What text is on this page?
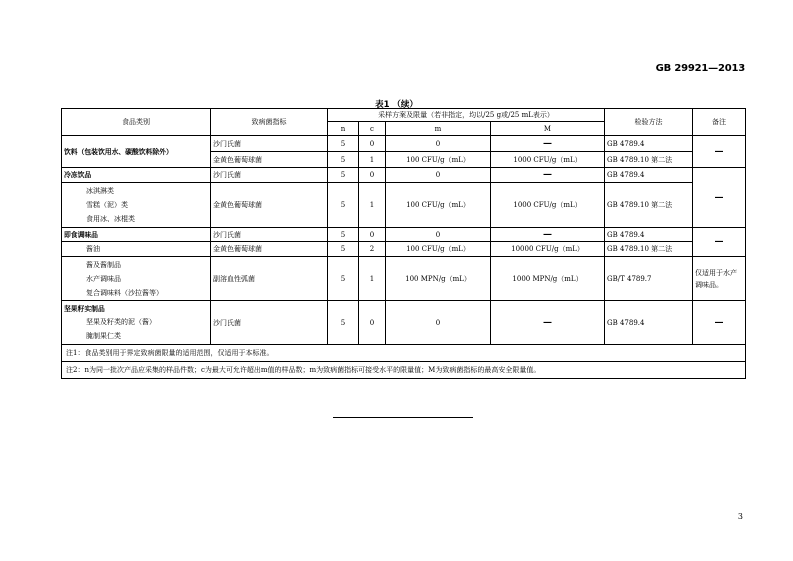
GB 29921—2013
表1 （续）
食品类别	致病菌指标	采样方案及限量（若非指定，均以/25 g或/25 mL表示）				检验方法	备注
		n	c	m	M		
饮料（包装饮用水、碳酸饮料除外）	沙门氏菌	5	0	0	—	GB 4789.4	—
	金黄色葡萄球菌	5	1	100 CFU/g（mL）	1000 CFU/g（mL）	GB 4789.10 第二法	
冷冻饮品	沙门氏菌	5	0	0	—	GB 4789.4	—

冰淇淋类
雪糕（泥）类
食用冰、冰棍类	金黄色葡萄球菌	5	1	100 CFU/g（mL）	1000 CFU/g（mL）	GB 4789.10 第二法	
即食调味品	沙门氏菌	5	0	0	—	GB 4789.4	—

酱油	金黄色葡萄球菌	5	2	100 CFU/g（mL）	10000 CFU/g（mL）	GB 4789.10 第二法	

酱及酱制品
水产调味品
复合调味料（沙拉酱等）	副溶血性弧菌	5	1	100 MPN/g（mL）	1000 MPN/g（mL）	GB/T 4789.7	仅适用于水产调味品。

坚果籽实制品
坚果及籽类的泥（酱）
腌制果仁类	沙门氏菌	5	0	0	—	GB 4789.4	—
注1：食品类别用于界定致病菌限量的适用范围，仅适用于本标准。							
注2：n为同一批次产品应采集的样品件数；c为最大可允许超出m值的样品数；m为致病菌指标可接受水平的限量值；M为致病菌指标的最高安全限量值。							
3
